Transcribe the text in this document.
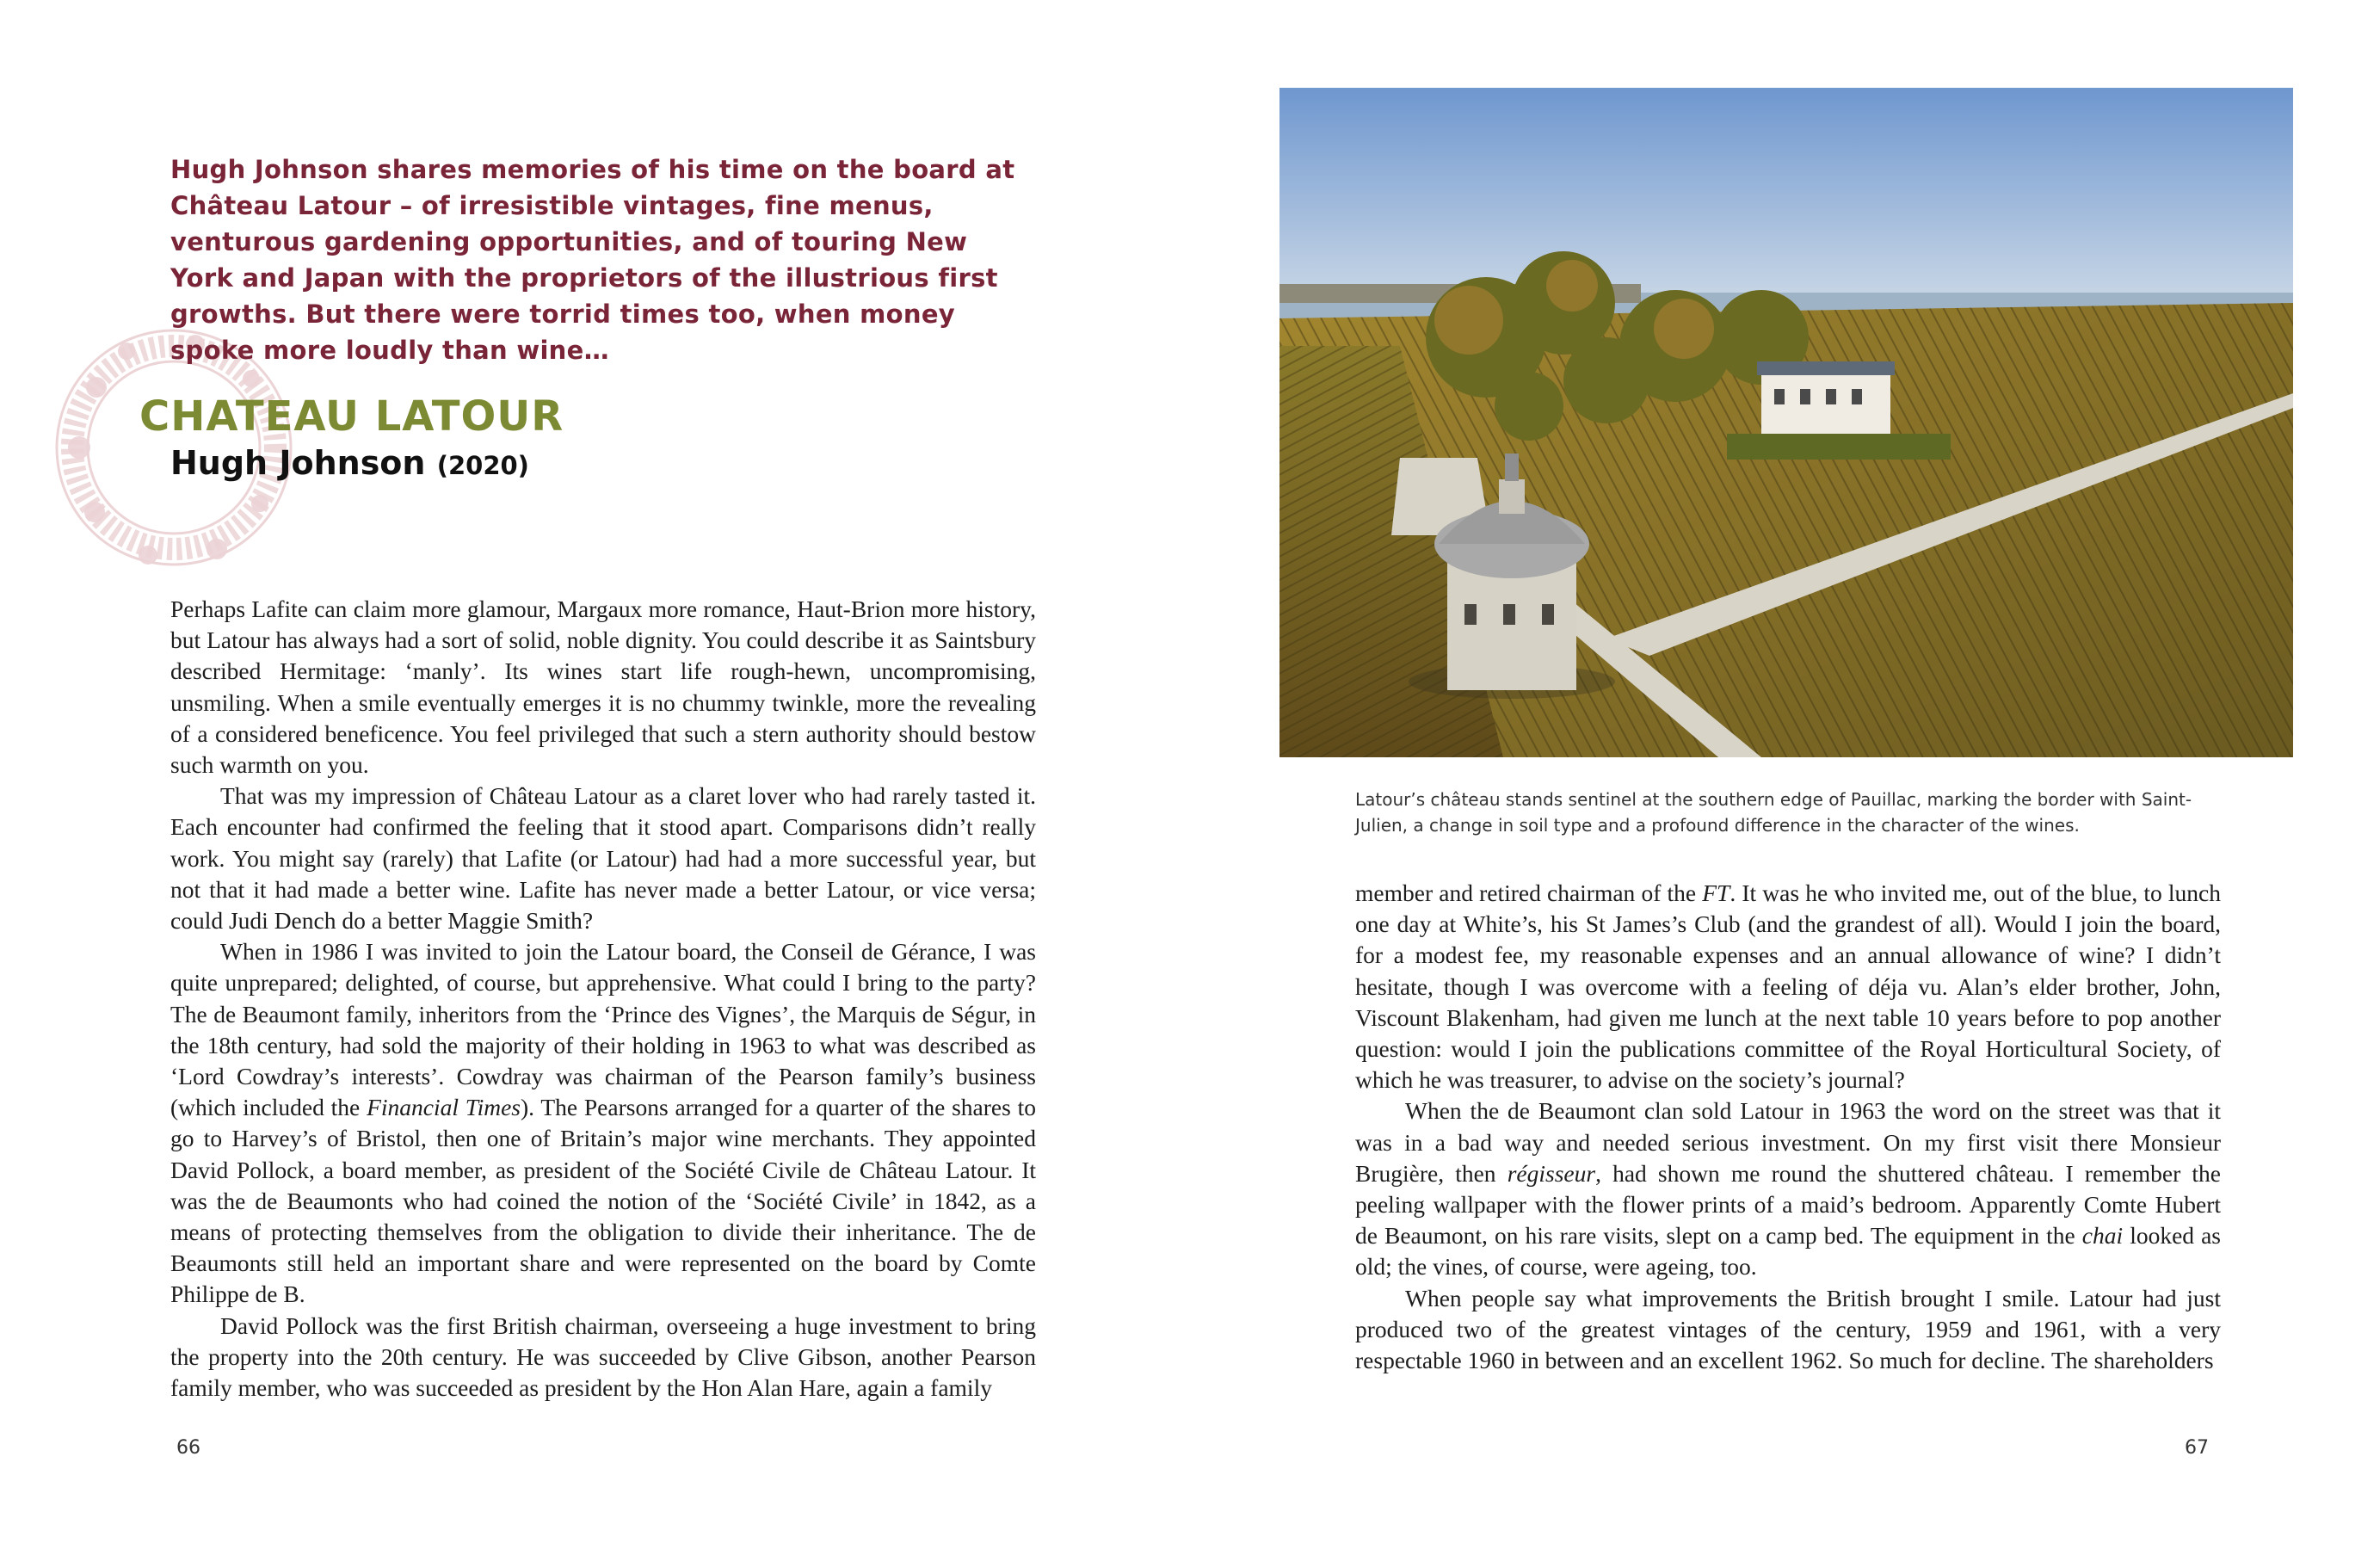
Hugh Johnson shares memories of his time on the board at Château Latour – of irresistible vintages, fine menus, venturous gardening opportunities, and of touring New York and Japan with the proprietors of the illustrious first growths. But there were torrid times too, when money spoke more loudly than wine…

CHATEAU LATOUR
Hugh Johnson (2020)

Perhaps Lafite can claim more glamour, Margaux more romance, Haut-Brion more history, but Latour has always had a sort of solid, noble dignity. You could describe it as Saintsbury described Hermitage: ‘manly’. Its wines start life rough-hewn, uncompromising, unsmiling. When a smile eventually emerges it is no chummy twinkle, more the revealing of a considered beneficence. You feel privileged that such a stern authority should bestow such warmth on you.

That was my impression of Château Latour as a claret lover who had rarely tasted it. Each encounter had confirmed the feeling that it stood apart. Comparisons didn’t really work. You might say (rarely) that Lafite (or Latour) had had a more successful year, but not that it had made a better wine. Lafite has never made a better Latour, or vice versa; could Judi Dench do a better Maggie Smith?

When in 1986 I was invited to join the Latour board, the Conseil de Gérance, I was quite unprepared; delighted, of course, but apprehensive. What could I bring to the party? The de Beaumont family, inheritors from the ‘Prince des Vignes’, the Marquis de Ségur, in the 18th century, had sold the majority of their holding in 1963 to what was described as ‘Lord Cowdray’s interests’. Cowdray was chairman of the Pearson family’s business (which included the Financial Times). The Pearsons arranged for a quarter of the shares to go to Harvey’s of Bristol, then one of Britain’s major wine merchants. They appointed David Pollock, a board member, as president of the Société Civile de Château Latour. It was the de Beaumonts who had coined the notion of the ‘Société Civile’ in 1842, as a means of protecting themselves from the obligation to divide their inheritance. The de Beaumonts still held an important share and were represented on the board by Comte Philippe de B.

David Pollock was the first British chairman, overseeing a huge investment to bring the property into the 20th century. He was succeeded by Clive Gibson, another Pearson family member, who was succeeded as president by the Hon Alan Hare, again a family

66

Latour’s château stands sentinel at the southern edge of Pauillac, marking the border with Saint-Julien, a change in soil type and a profound difference in the character of the wines.

member and retired chairman of the FT. It was he who invited me, out of the blue, to lunch one day at White’s, his St James’s Club (and the grandest of all). Would I join the board, for a modest fee, my reasonable expenses and an annual allowance of wine? I didn’t hesitate, though I was overcome with a feeling of déja vu. Alan’s elder brother, John, Viscount Blakenham, had given me lunch at the next table 10 years before to pop another question: would I join the publications committee of the Royal Horticultural Society, of which he was treasurer, to advise on the society’s journal?

When the de Beaumont clan sold Latour in 1963 the word on the street was that it was in a bad way and needed serious investment. On my first visit there Monsieur Brugière, then régisseur, had shown me round the shuttered château. I remember the peeling wallpaper with the flower prints of a maid’s bedroom. Apparently Comte Hubert de Beaumont, on his rare visits, slept on a camp bed. The equipment in the chai looked as old; the vines, of course, were ageing, too.

When people say what improvements the British brought I smile. Latour had just produced two of the greatest vintages of the century, 1959 and 1961, with a very respectable 1960 in between and an excellent 1962. So much for decline. The shareholders

67
